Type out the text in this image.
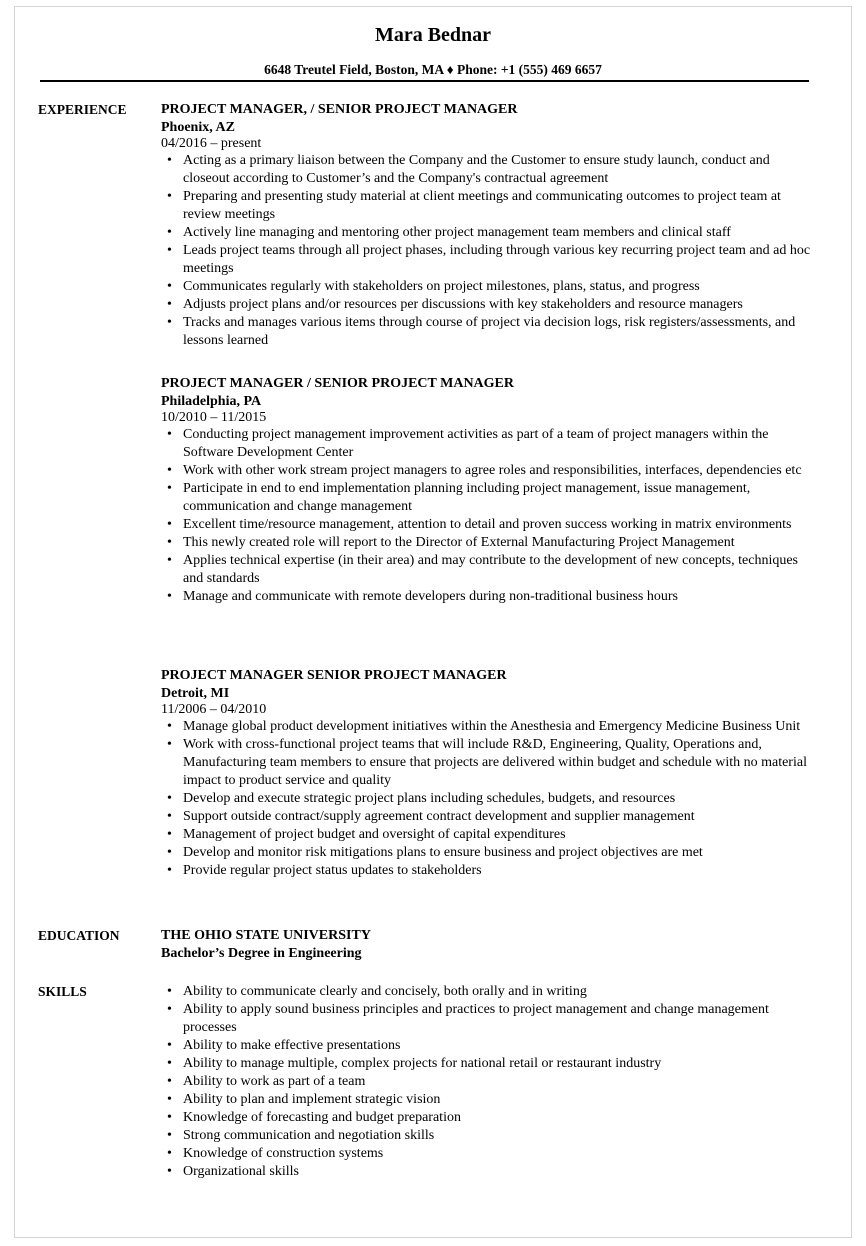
Mara Bednar
6648 Treutel Field, Boston, MA ♦ Phone: +1 (555) 469 6657
EXPERIENCE PROJECT MANAGER, / SENIOR PROJECT MANAGER
Phoenix, AZ
04/2016 – present
• Acting as a primary liaison between the Company and the Customer to ensure study launch, conduct and closeout according to Customer’s and the Company's contractual agreement
• Preparing and presenting study material at client meetings and communicating outcomes to project team at review meetings
• Actively line managing and mentoring other project management team members and clinical staff
• Leads project teams through all project phases, including through various key recurring project team and ad hoc meetings
• Communicates regularly with stakeholders on project milestones, plans, status, and progress
• Adjusts project plans and/or resources per discussions with key stakeholders and resource managers
• Tracks and manages various items through course of project via decision logs, risk registers/assessments, and lessons learned
PROJECT MANAGER / SENIOR PROJECT MANAGER
Philadelphia, PA
10/2010 – 11/2015
• Conducting project management improvement activities as part of a team of project managers within the Software Development Center
• Work with other work stream project managers to agree roles and responsibilities, interfaces, dependencies etc
• Participate in end to end implementation planning including project management, issue management, communication and change management
• Excellent time/resource management, attention to detail and proven success working in matrix environments
• This newly created role will report to the Director of External Manufacturing Project Management
• Applies technical expertise (in their area) and may contribute to the development of new concepts, techniques and standards
• Manage and communicate with remote developers during non-traditional business hours
PROJECT MANAGER SENIOR PROJECT MANAGER
Detroit, MI
11/2006 – 04/2010
• Manage global product development initiatives within the Anesthesia and Emergency Medicine Business Unit
• Work with cross-functional project teams that will include R&D, Engineering, Quality, Operations and, Manufacturing team members to ensure that projects are delivered within budget and schedule with no material impact to product service and quality
• Develop and execute strategic project plans including schedules, budgets, and resources
• Support outside contract/supply agreement contract development and supplier management
• Management of project budget and oversight of capital expenditures
• Develop and monitor risk mitigations plans to ensure business and project objectives are met
• Provide regular project status updates to stakeholders
EDUCATION	THE OHIO STATE UNIVERSITY
Bachelor’s Degree in Engineering
SKILLS
•	Ability to communicate clearly and concisely, both orally and in writing
• Ability to apply sound business principles and practices to project management and change management processes
• Ability to make effective presentations
• Ability to manage multiple, complex projects for national retail or restaurant industry
• Ability to work as part of a team
• Ability to plan and implement strategic vision
• Knowledge of forecasting and budget preparation
• Strong communication and negotiation skills
• Knowledge of construction systems
• Organizational skills
